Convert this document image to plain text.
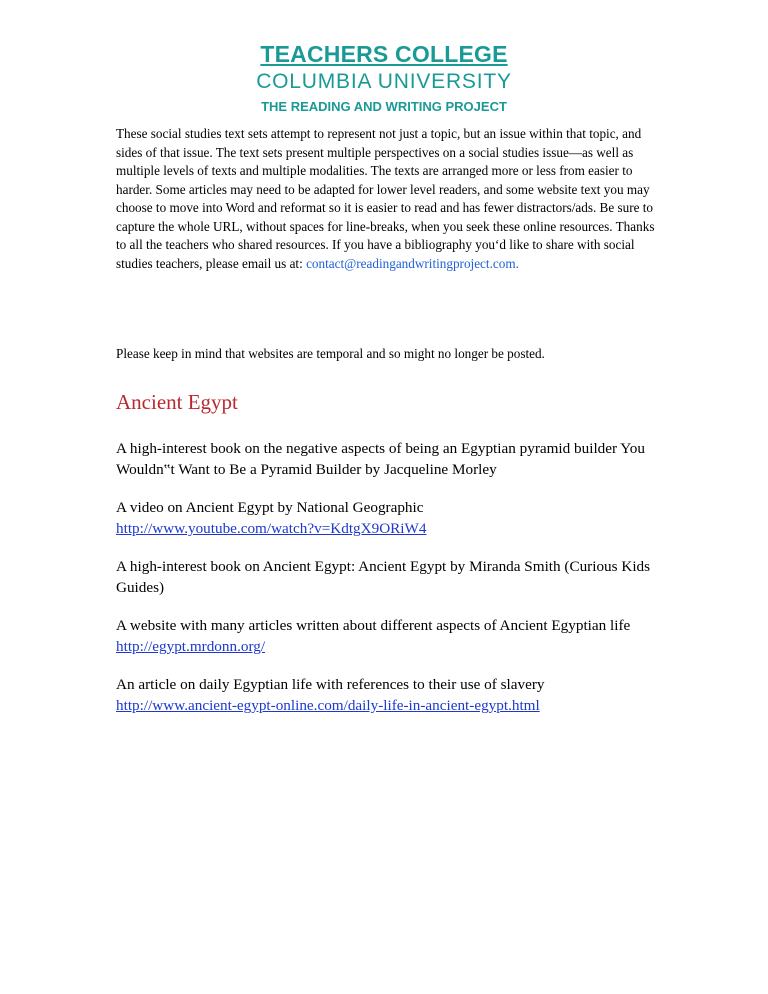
TEACHERS COLLEGE
COLUMBIA UNIVERSITY
THE READING AND WRITING PROJECT
These social studies text sets attempt to represent not just a topic, but an issue within that topic, and sides of that issue. The text sets present multiple perspectives on a social studies issue—as well as multiple levels of texts and multiple modalities. The texts are arranged more or less from easier to harder. Some articles may need to be adapted for lower level readers, and some website text you may choose to move into Word and reformat so it is easier to read and has fewer distractors/ads. Be sure to capture the whole URL, without spaces for line-breaks, when you seek these online resources. Thanks to all the teachers who shared resources. If you have a bibliography you‘d like to share with social studies teachers, please email us at: contact@readingandwritingproject.com.
Please keep in mind that websites are temporal and so might no longer be posted.
Ancient Egypt
A high-interest book on the negative aspects of being an Egyptian pyramid builder You Wouldn‟t Want to Be a Pyramid Builder by Jacqueline Morley
A video on Ancient Egypt by National Geographic
http://www.youtube.com/watch?v=KdtgX9ORiW4
A high-interest book on Ancient Egypt: Ancient Egypt by Miranda Smith (Curious Kids Guides)
A website with many articles written about different aspects of Ancient Egyptian life
http://egypt.mrdonn.org/
An article on daily Egyptian life with references to their use of slavery
http://www.ancient-egypt-online.com/daily-life-in-ancient-egypt.html
